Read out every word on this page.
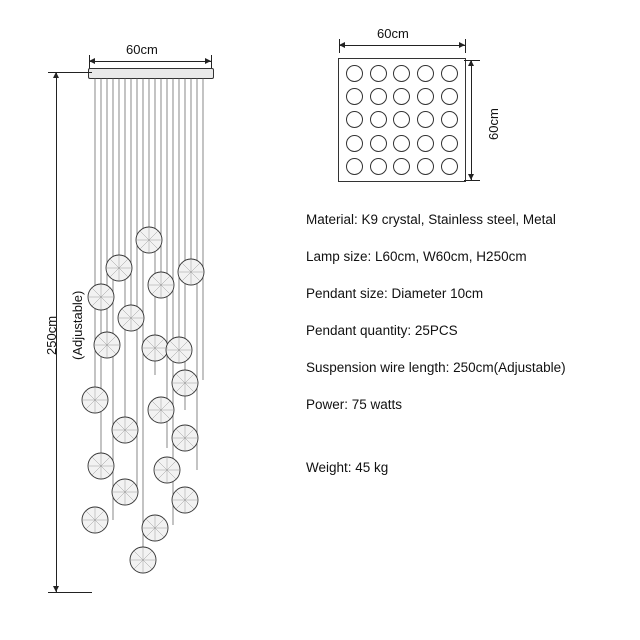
60cm
250cm (Adjustable)
60cm
60cm
Material: K9 crystal, Stainless steel, Metal
Lamp size: L60cm, W60cm, H250cm
Pendant size: Diameter 10cm
Pendant quantity: 25PCS
Suspension wire length: 250cm(Adjustable)
Power: 75 watts
Weight: 45 kg
